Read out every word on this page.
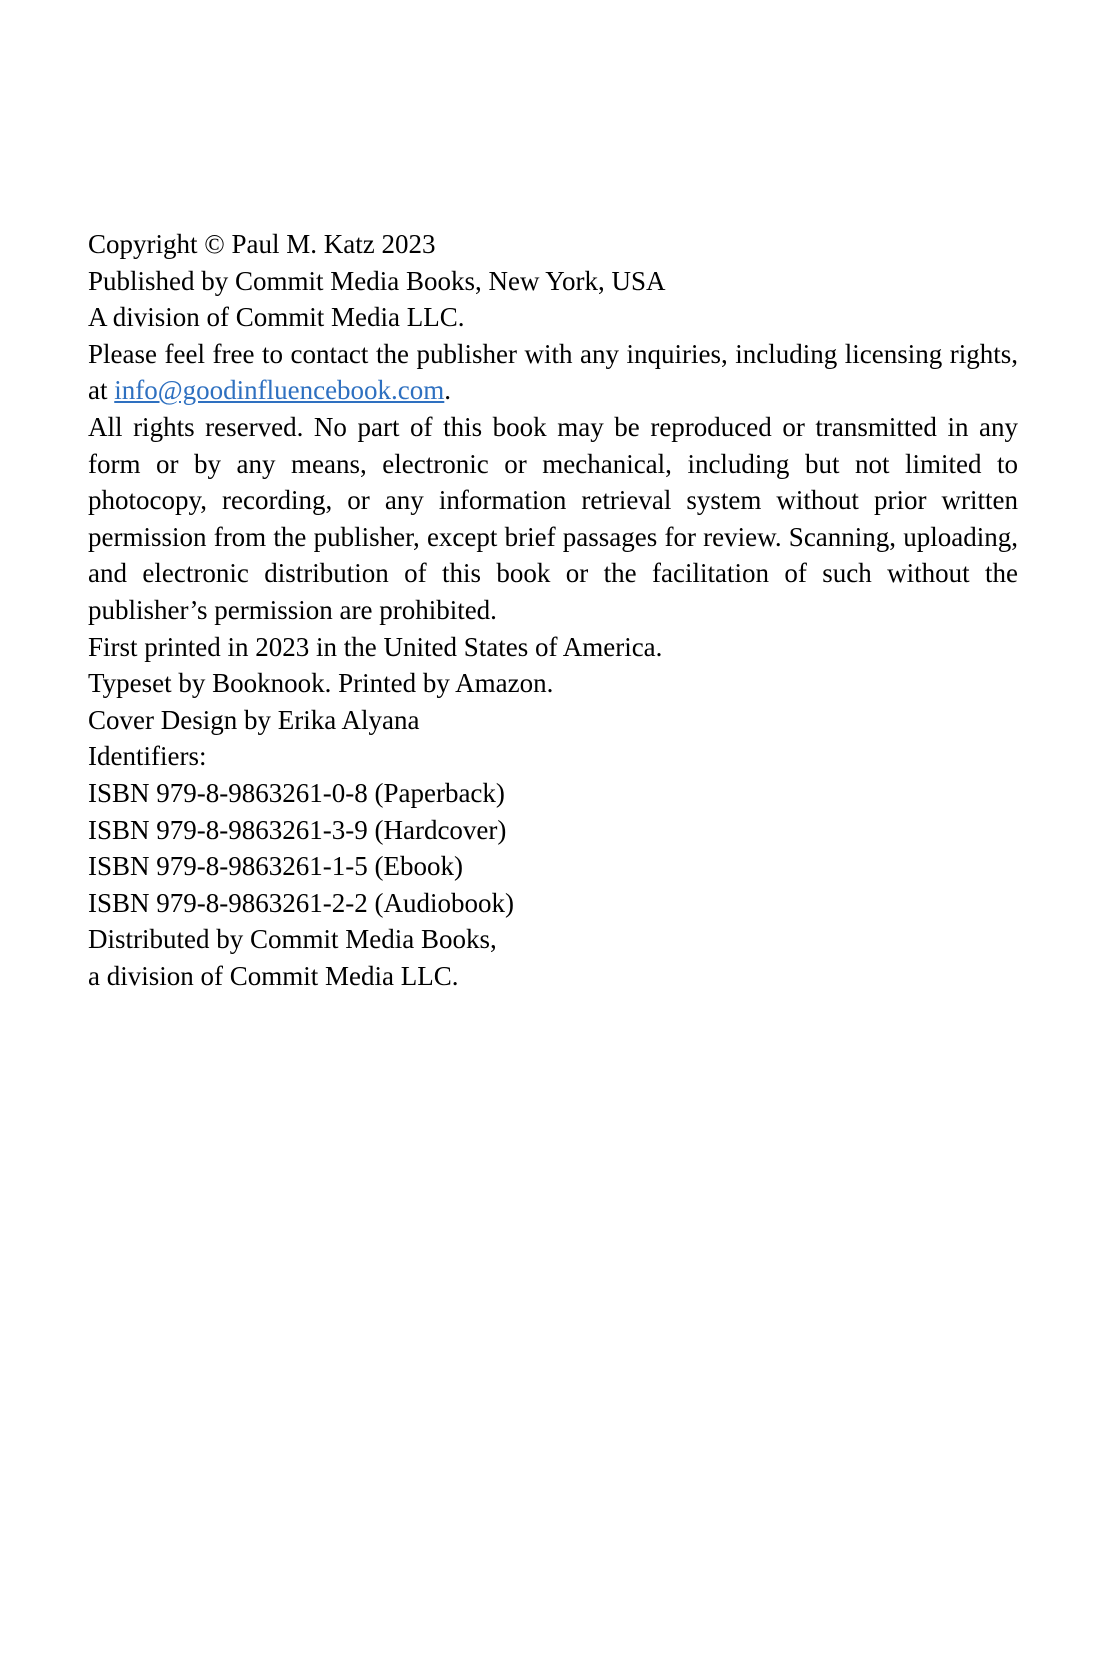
Copyright © Paul M. Katz 2023

Published by Commit Media Books, New York, USA
A division of Commit Media LLC.

Please feel free to contact the publisher with any inquiries, including licensing rights, at info@goodinfluencebook.com.

All rights reserved. No part of this book may be reproduced or transmitted in any form or by any means, electronic or mechanical, including but not limited to photocopy, recording, or any information retrieval system without prior written permission from the publisher, except brief passages for review. Scanning, uploading, and electronic distribution of this book or the facilitation of such without the publisher’s permission are prohibited.

First printed in 2023 in the United States of America.
Typeset by Booknook. Printed by Amazon.
Cover Design by Erika Alyana

Identifiers:
ISBN 979-8-9863261-0-8 (Paperback)
ISBN 979-8-9863261-3-9 (Hardcover)
ISBN 979-8-9863261-1-5 (Ebook)
ISBN 979-8-9863261-2-2 (Audiobook)

Distributed by Commit Media Books,
a division of Commit Media LLC.
